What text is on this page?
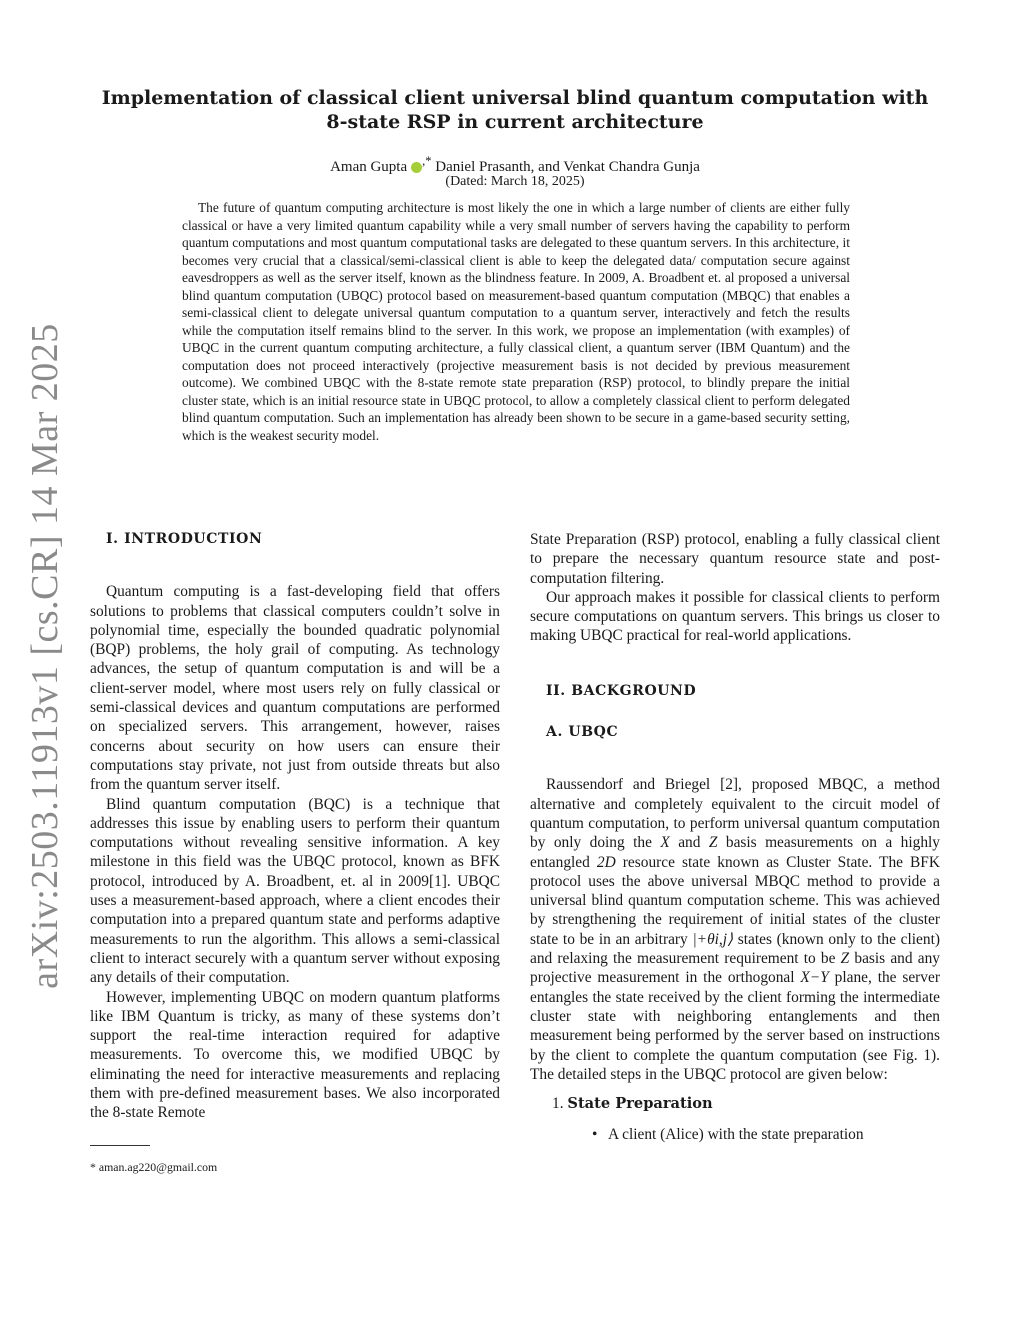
arXiv:2503.11913v1 [cs.CR] 14 Mar 2025
Implementation of classical client universal blind quantum computation with 8-state RSP in current architecture
Aman Gupta ,* Daniel Prasanth, and Venkat Chandra Gunja
(Dated: March 18, 2025)

The future of quantum computing architecture is most likely the one in which a large number of clients are either fully classical or have a very limited quantum capability while a very small number of servers having the capability to perform quantum computations and most quantum computational tasks are delegated to these quantum servers. In this architecture, it becomes very crucial that a classical/semi-classical client is able to keep the delegated data/ computation secure against eavesdroppers as well as the server itself, known as the blindness feature. In 2009, A. Broadbent et. al proposed a universal blind quantum computation (UBQC) protocol based on measurement-based quantum computation (MBQC) that enables a semi-classical client to delegate universal quantum computation to a quantum server, interactively and fetch the results while the computation itself remains blind to the server. In this work, we propose an implementation (with examples) of UBQC in the current quantum computing architecture, a fully classical client, a quantum server (IBM Quantum) and the computation does not proceed interactively (projective measurement basis is not decided by previous measurement outcome). We combined UBQC with the 8-state remote state preparation (RSP) protocol, to blindly prepare the initial cluster state, which is an initial resource state in UBQC protocol, to allow a completely classical client to perform delegated blind quantum computation. Such an implementation has already been shown to be secure in a game-based security setting, which is the weakest security model.

I. INTRODUCTION

Quantum computing is a fast-developing field that offers solutions to problems that classical computers couldn’t solve in polynomial time, especially the bounded quadratic polynomial (BQP) problems, the holy grail of computing. As technology advances, the setup of quantum computation is and will be a client-server model, where most users rely on fully classical or semi-classical devices and quantum computations are performed on specialized servers. This arrangement, however, raises concerns about security on how users can ensure their computations stay private, not just from outside threats but also from the quantum server itself.

Blind quantum computation (BQC) is a technique that addresses this issue by enabling users to perform their quantum computations without revealing sensitive information. A key milestone in this field was the UBQC protocol, known as BFK protocol, introduced by A. Broadbent, et. al in 2009[1]. UBQC uses a measurement-based approach, where a client encodes their computation into a prepared quantum state and performs adaptive measurements to run the algorithm. This allows a semi-classical client to interact securely with a quantum server without exposing any details of their computation.

However, implementing UBQC on modern quantum platforms like IBM Quantum is tricky, as many of these systems don’t support the real-time interaction required for adaptive measurements. To overcome this, we modified UBQC by eliminating the need for interactive measurements and replacing them with pre-defined measurement bases. We also incorporated the 8-state Remote

* aman.ag220@gmail.com

State Preparation (RSP) protocol, enabling a fully classical client to prepare the necessary quantum resource state and post-computation filtering.

Our approach makes it possible for classical clients to perform secure computations on quantum servers. This brings us closer to making UBQC practical for real-world applications.

II. BACKGROUND

A. UBQC

Raussendorf and Briegel [2], proposed MBQC, a method alternative and completely equivalent to the circuit model of quantum computation, to perform universal quantum computation by only doing the X and Z basis measurements on a highly entangled 2D resource state known as Cluster State. The BFK protocol uses the above universal MBQC method to provide a universal blind quantum computation scheme. This was achieved by strengthening the requirement of initial states of the cluster state to be in an arbitrary |+θi,j⟩ states (known only to the client) and relaxing the measurement requirement to be Z basis and any projective measurement in the orthogonal X−Y plane, the server entangles the state received by the client forming the intermediate cluster state with neighboring entanglements and then measurement being performed by the server based on instructions by the client to complete the quantum computation (see Fig. 1). The detailed steps in the UBQC protocol are given below:

1. State Preparation
• A client (Alice) with the state preparation
